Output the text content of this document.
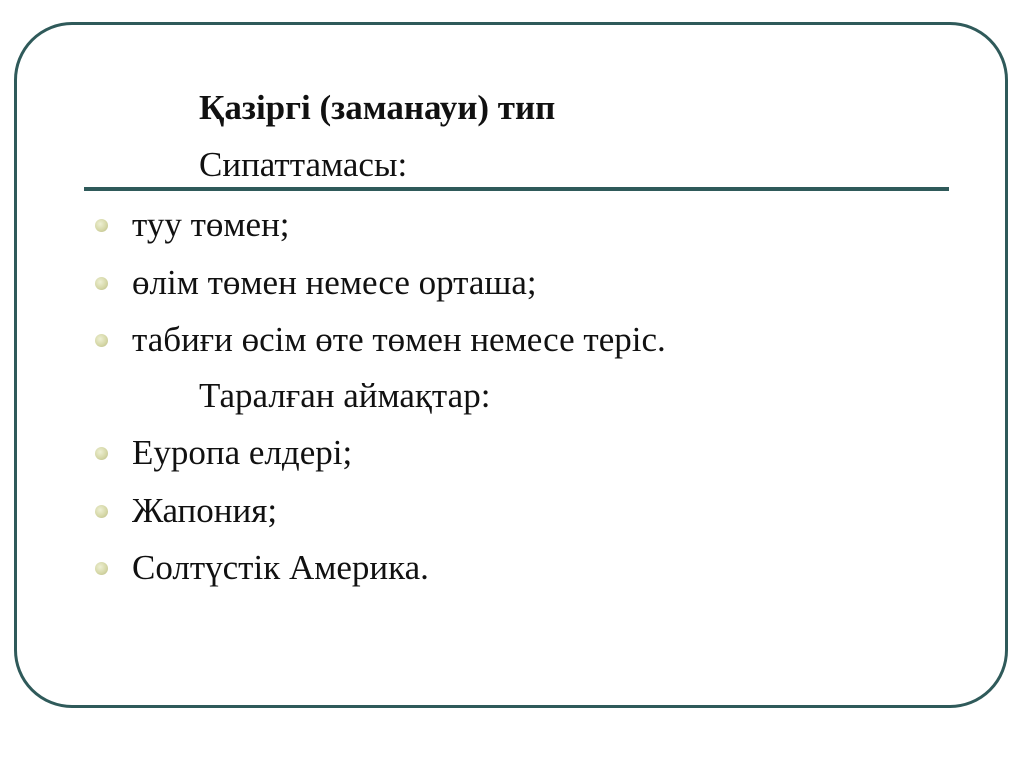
Қазіргі (заманауи) тип
Сипаттамасы:
туу төмен;
өлім төмен немесе орташа;
табиғи өсім өте төмен немесе теріс.
Таралған аймақтар:
Еуропа елдері;
Жапония;
Солтүстік Америка.
